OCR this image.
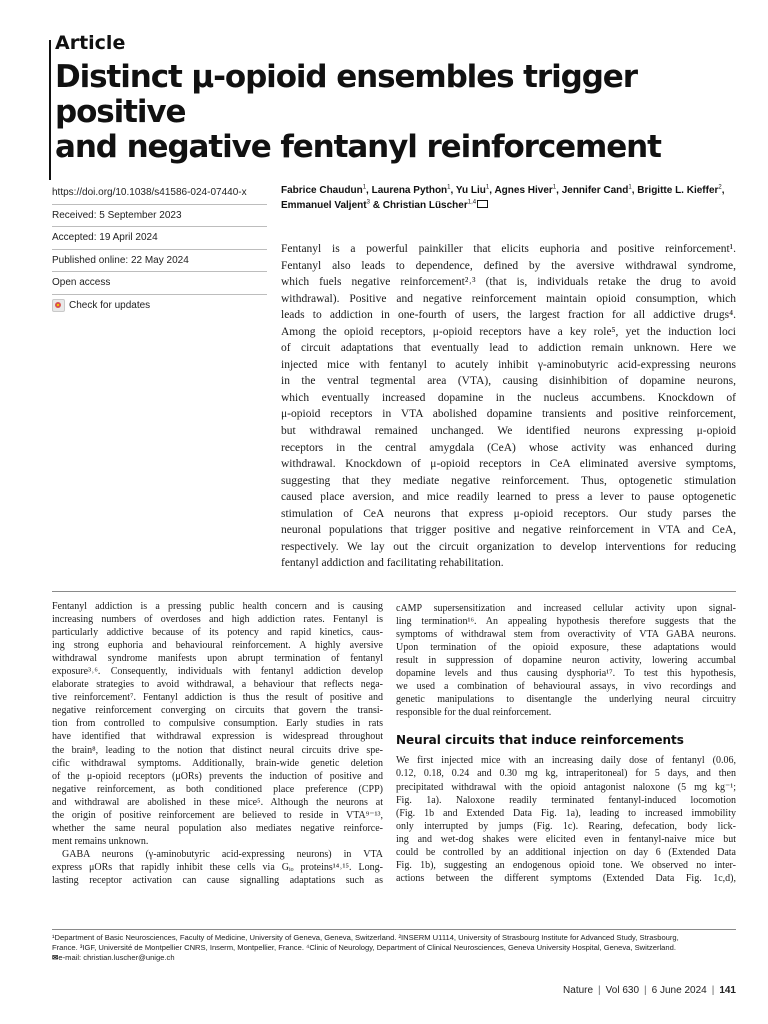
Article
Distinct μ-opioid ensembles trigger positive
and negative fentanyl reinforcement
https://doi.org/10.1038/s41586-024-07440-x
Received: 5 September 2023
Accepted: 19 April 2024
Published online: 22 May 2024
Open access
Check for updates
Fabrice Chaudun$^1$, Laurena Python$^1$, Yu Liu$^1$, Agnes Hiver$^1$, Jennifer Cand$^1$, Brigitte L. Kieffer$^2$,
Emmanuel Valjent$^3$ & Christian Lüscher$^{1,4}$
Fentanyl is a powerful painkiller that elicits euphoria and positive reinforcement¹.
Fentanyl also leads to dependence, defined by the aversive withdrawal syndrome,
which fuels negative reinforcement²˒³ (that is, individuals retake the drug to avoid
withdrawal). Positive and negative reinforcement maintain opioid consumption, which
leads to addiction in one-fourth of users, the largest fraction for all addictive drugs⁴.
Among the opioid receptors, μ-opioid receptors have a key role⁵, yet the induction loci
of circuit adaptations that eventually lead to addiction remain unknown. Here we
injected mice with fentanyl to acutely inhibit γ-aminobutyric acid-expressing neurons
in the ventral tegmental area (VTA), causing disinhibition of dopamine neurons,
which eventually increased dopamine in the nucleus accumbens. Knockdown of
μ-opioid receptors in VTA abolished dopamine transients and positive reinforcement,
but withdrawal remained unchanged. We identified neurons expressing μ-opioid
receptors in the central amygdala (CeA) whose activity was enhanced during
withdrawal. Knockdown of μ-opioid receptors in CeA eliminated aversive symptoms,
suggesting that they mediate negative reinforcement. Thus, optogenetic stimulation
caused place aversion, and mice readily learned to press a lever to pause optogenetic
stimulation of CeA neurons that express μ-opioid receptors. Our study parses the
neuronal populations that trigger positive and negative reinforcement in VTA and CeA,
respectively. We lay out the circuit organization to develop interventions for reducing
fentanyl addiction and facilitating rehabilitation.
Fentanyl addiction is a pressing public health concern and is causing
increasing numbers of overdoses and high addiction rates. Fentanyl is
particularly addictive because of its potency and rapid kinetics, caus-
ing strong euphoria and behavioural reinforcement. A highly aversive
withdrawal syndrome manifests upon abrupt termination of fentanyl
exposure³˒⁶. Consequently, individuals with fentanyl addiction develop
elaborate strategies to avoid withdrawal, a behaviour that reflects nega-
tive reinforcement⁷. Fentanyl addiction is thus the result of positive and
negative reinforcement converging on circuits that govern the transi-
tion from controlled to compulsive consumption. Early studies in rats
have identified that withdrawal expression is widespread throughout
the brain⁸, leading to the notion that distinct neural circuits drive spe-
cific withdrawal symptoms. Additionally, brain-wide genetic deletion
of the μ-opioid receptors (μORs) prevents the induction of positive and
negative reinforcement, as both conditioned place preference (CPP)
and withdrawal are abolished in these mice⁵. Although the neurons at
the origin of positive reinforcement are believed to reside in VTA⁹⁻¹³,
whether the same neural population also mediates negative reinforce-
ment remains unknown.
GABA neurons (γ-aminobutyric acid-expressing neurons) in VTA
express μORs that rapidly inhibit these cells via Gᵢₒ proteins¹⁴˒¹⁵. Long-
lasting receptor activation can cause signalling adaptations such as
cAMP supersensitization and increased cellular activity upon signal-
ling termination¹⁶. An appealing hypothesis therefore suggests that the
symptoms of withdrawal stem from overactivity of VTA GABA neurons.
Upon termination of the opioid exposure, these adaptations would
result in suppression of dopamine neuron activity, lowering accumbal
dopamine levels and thus causing dysphoria¹⁷. To test this hypothesis,
we used a combination of behavioural assays, in vivo recordings and
genetic manipulations to disentangle the underlying neural circuitry
responsible for the dual reinforcement.
Neural circuits that induce reinforcements
We first injected mice with an increasing daily dose of fentanyl (0.06,
0.12, 0.18, 0.24 and 0.30 mg kg, intraperitoneal) for 5 days, and then
precipitated withdrawal with the opioid antagonist naloxone (5 mg kg⁻¹;
Fig. 1a). Naloxone readily terminated fentanyl-induced locomotion
(Fig. 1b and Extended Data Fig. 1a), leading to increased immobility
only interrupted by jumps (Fig. 1c). Rearing, defecation, body lick-
ing and wet-dog shakes were elicited even in fentanyl-naive mice but
could be controlled by an additional injection on day 6 (Extended Data
Fig. 1b), suggesting an endogenous opioid tone. We observed no inter-
actions between the different symptoms (Extended Data Fig. 1c,d),
¹Department of Basic Neurosciences, Faculty of Medicine, University of Geneva, Geneva, Switzerland. ²INSERM U1114, University of Strasbourg Institute for Advanced Study, Strasbourg,
France. ³IGF, Université de Montpellier CNRS, Inserm, Montpellier, France. ⁴Clinic of Neurology, Department of Clinical Neurosciences, Geneva University Hospital, Geneva, Switzerland.
✉e-mail: christian.luscher@unige.ch
Nature | Vol 630 | 6 June 2024 | 141
